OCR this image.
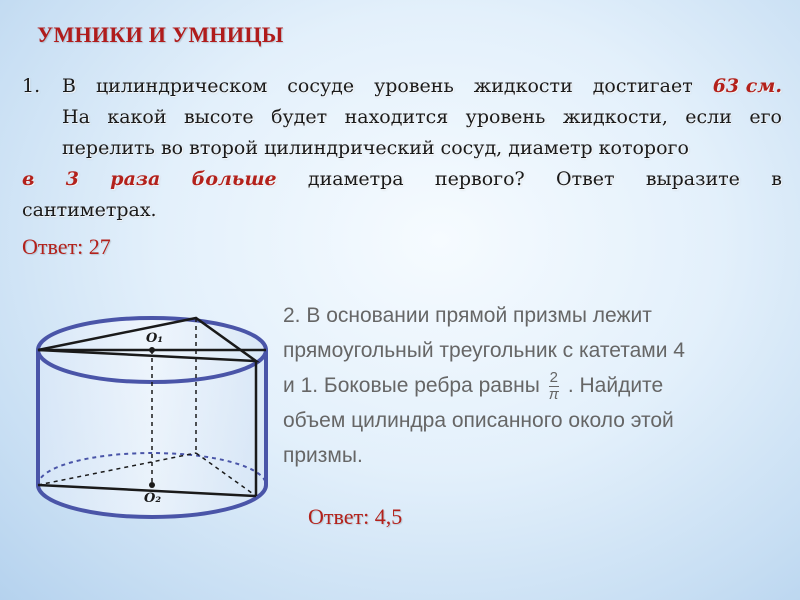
УМНИКИ И УМНИЦЫ
1. В цилиндрическом сосуде уровень жидкости достигает 63 см.
На какой высоте будет находится уровень жидкости, если его
перелить во второй цилиндрический сосуд, диаметр которого
в 3 раза больше диаметра первого? Ответ выразите в
сантиметрах.
Ответ: 27
O₁
O₂
2. В основании прямой призмы лежит
прямоугольный треугольник с катетами 4
и 1. Боковые ребра равны $\frac{2}{\pi}$ . Найдите
объем цилиндра описанного около этой
призмы.
Ответ: 4,5
